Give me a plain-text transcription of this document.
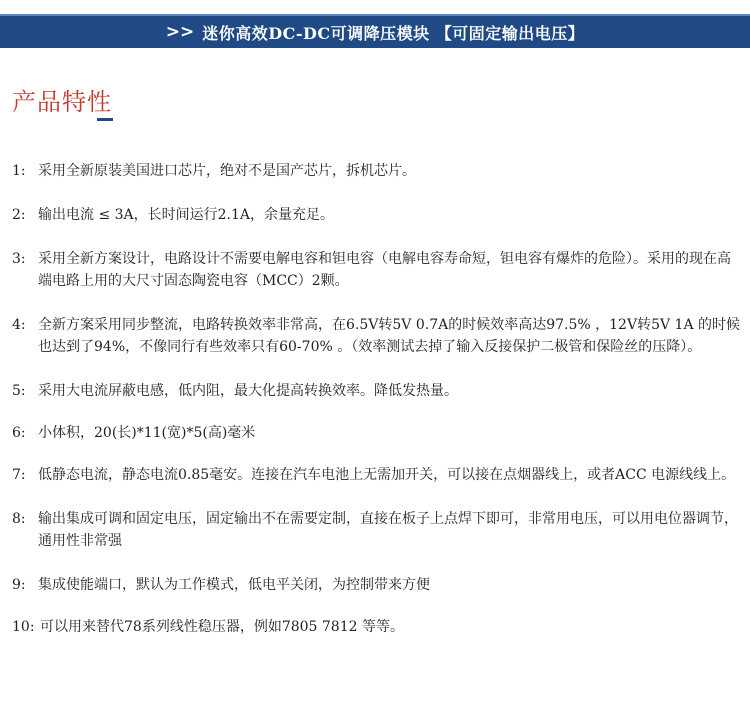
>> 迷你高效DC-DC可调降压模块 【可固定输出电压】
产品特性
1: 采用全新原装美国进口芯片，绝对不是国产芯片，拆机芯片。
2: 输出电流 ≤ 3A，长时间运行2.1A，余量充足。
3: 采用全新方案设计，电路设计不需要电解电容和钽电容（电解电容寿命短，钽电容有爆炸的危险）。采用的现在高端电路上用的大尺寸固态陶瓷电容（MCC）2颗。
4: 全新方案采用同步整流，电路转换效率非常高，在6.5V转5V 0.7A的时候效率高达97.5% ，12V转5V 1A 的时候也达到了94%，不像同行有些效率只有60-70% 。（效率测试去掉了输入反接保护二极管和保险丝的压降）。
5: 采用大电流屏蔽电感，低内阻，最大化提高转换效率。降低发热量。
6: 小体积，20(长)*11(宽)*5(高)毫米
7: 低静态电流，静态电流0.85毫安。连接在汽车电池上无需加开关，可以接在点烟器线上，或者ACC 电源线线上。
8: 输出集成可调和固定电压，固定输出不在需要定制，直接在板子上点焊下即可，非常用电压，可以用电位器调节，通用性非常强
9: 集成使能端口，默认为工作模式，低电平关闭，为控制带来方便
10: 可以用来替代78系列线性稳压器，例如7805 7812 等等。
